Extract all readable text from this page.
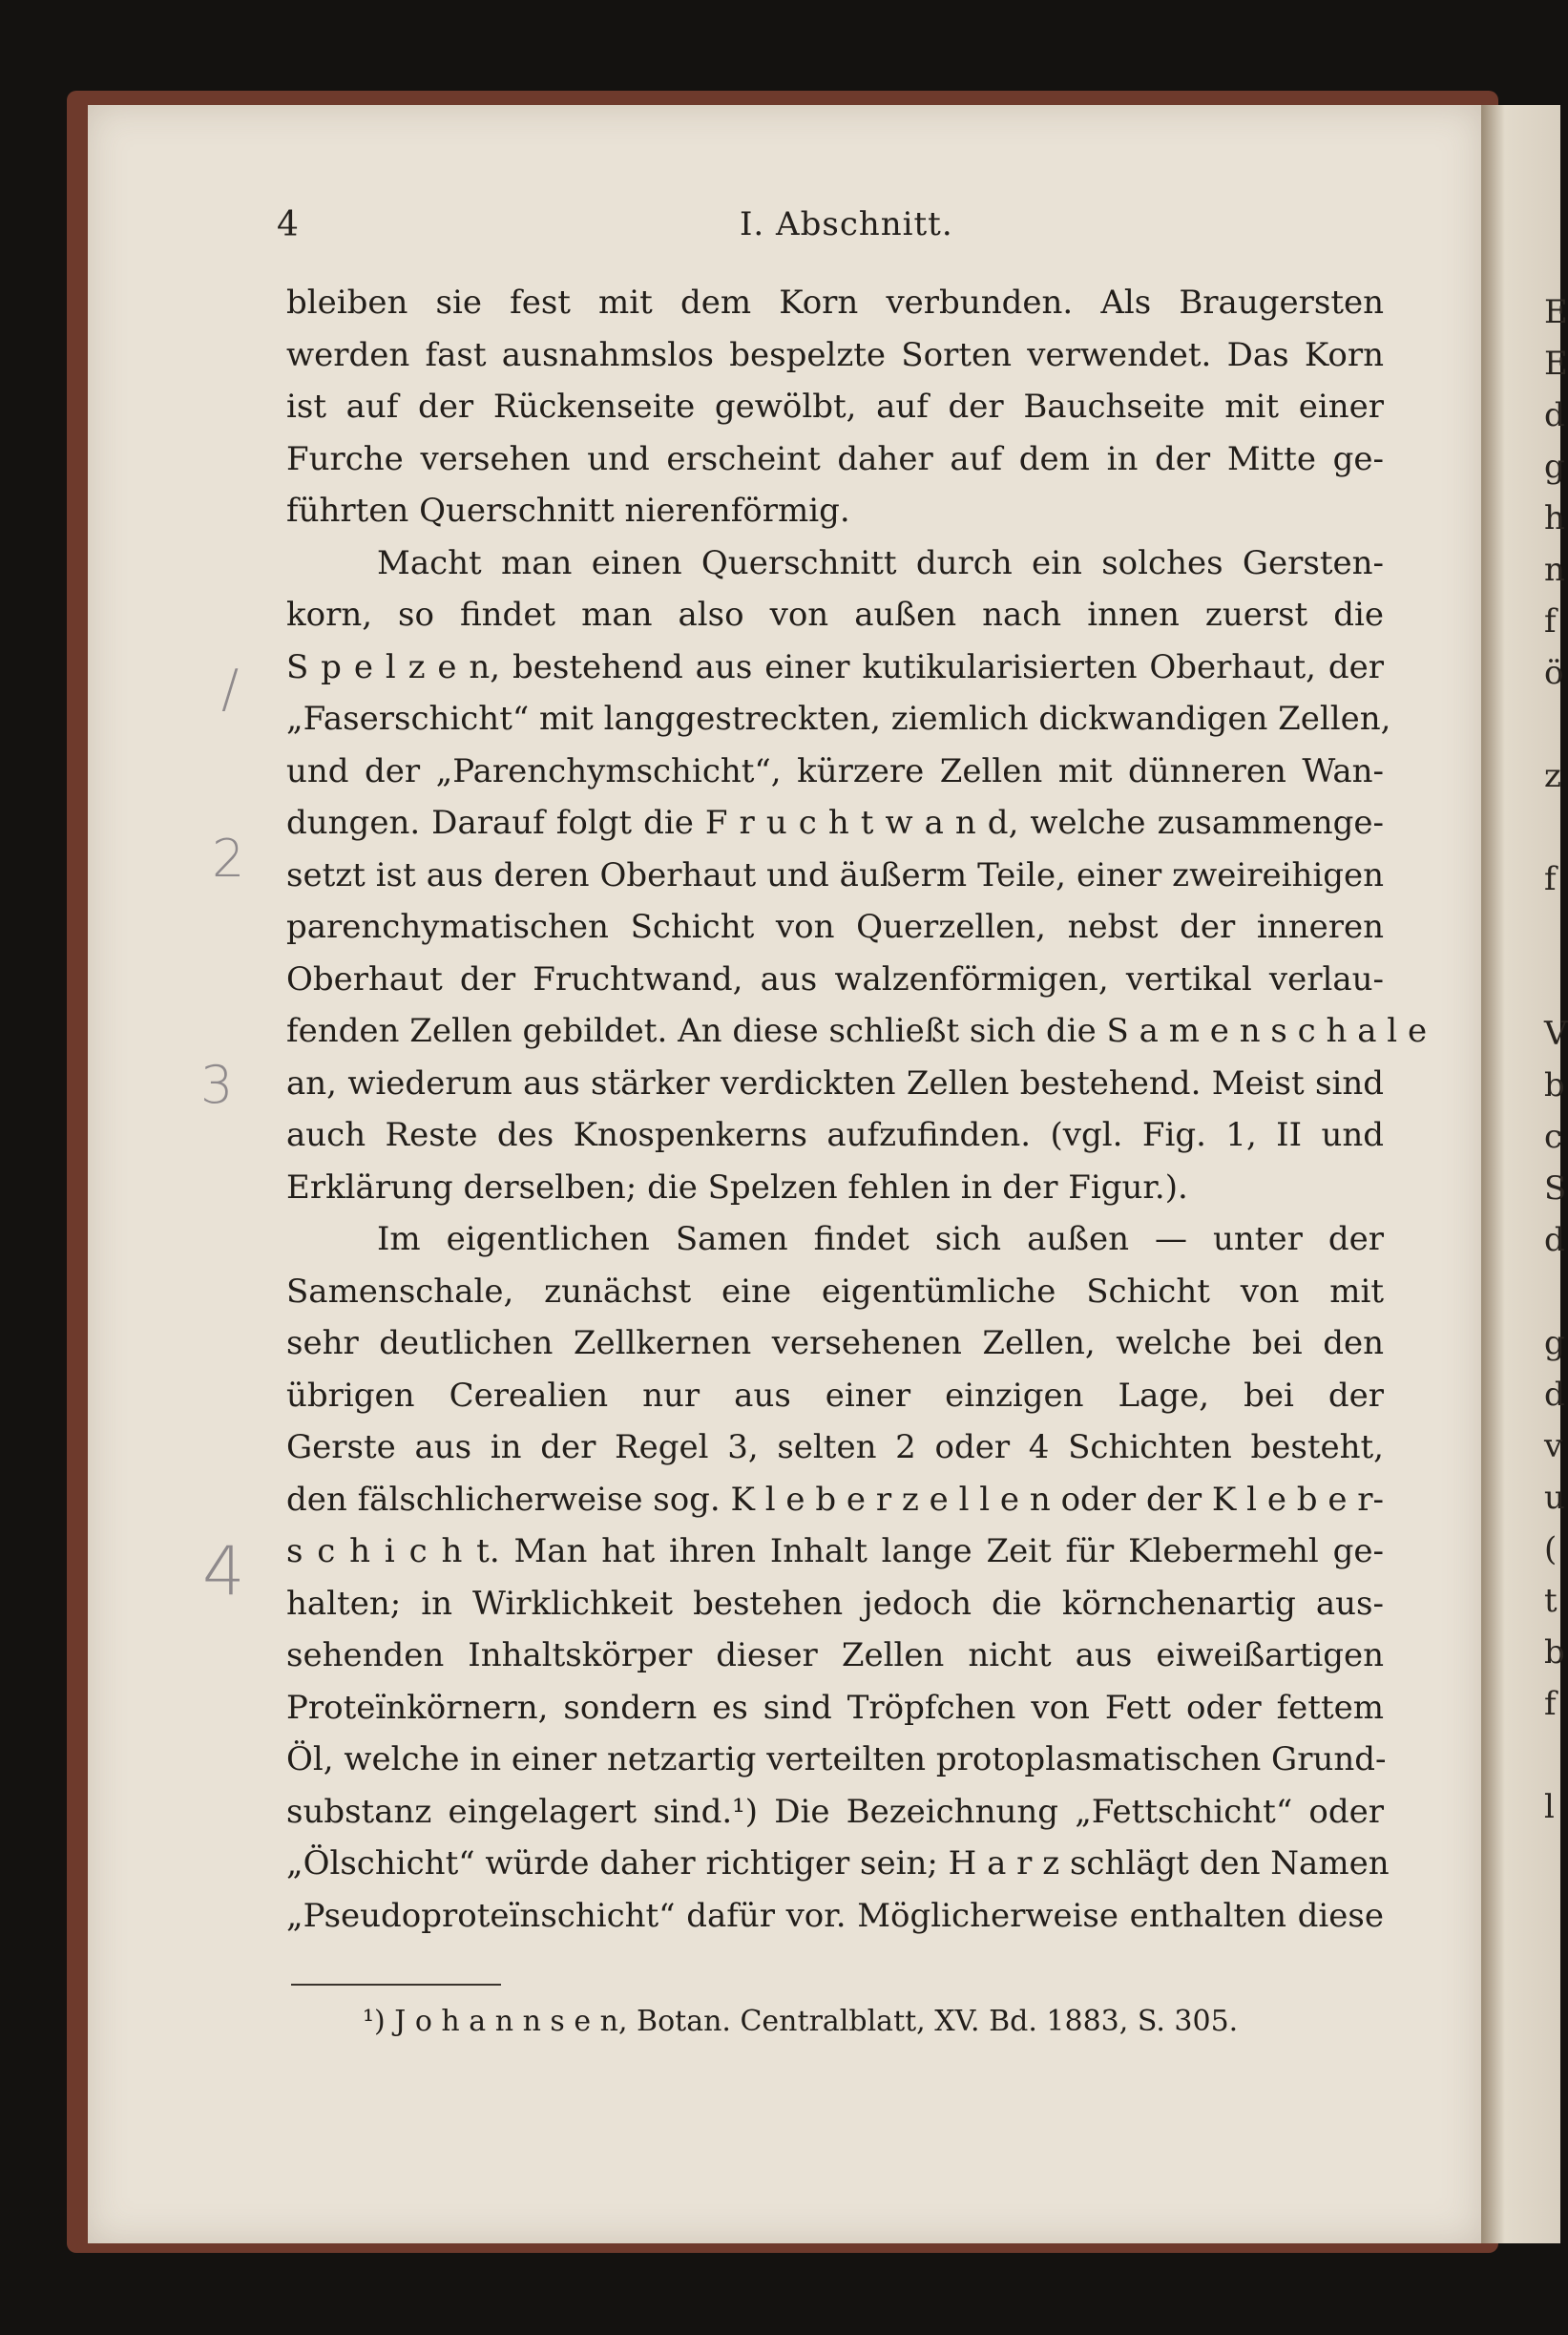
E
E
d
g
h
n
f
ö

z

f

V
b
c
S
d

g
d
v
u
(
t
b
f

l
4	I. Abschnitt.
bleiben sie fest mit dem Korn verbunden. Als Braugersten
werden fast ausnahmslos bespelzte Sorten verwendet. Das Korn
ist auf der Rückenseite gewölbt, auf der Bauchseite mit einer
Furche versehen und erscheint daher auf dem in der Mitte ge-
führten Querschnitt nierenförmig.
Macht man einen Querschnitt durch ein solches Gersten-
korn, so findet man also von außen nach innen zuerst die
S p e l z e n, bestehend aus einer kutikularisierten Oberhaut, der
„Faserschicht“ mit langgestreckten, ziemlich dickwandigen Zellen,
und der „Parenchymschicht“, kürzere Zellen mit dünneren Wan-
dungen. Darauf folgt die F r u c h t w a n d, welche zusammenge-
setzt ist aus deren Oberhaut und äußerm Teile, einer zweireihigen
parenchymatischen Schicht von Querzellen, nebst der inneren
Oberhaut der Fruchtwand, aus walzenförmigen, vertikal verlau-
fenden Zellen gebildet. An diese schließt sich die S a m e n s c h a l e
an, wiederum aus stärker verdickten Zellen bestehend. Meist sind
auch Reste des Knospenkerns aufzufinden. (vgl. Fig. 1, II und
Erklärung derselben; die Spelzen fehlen in der Figur.).
Im eigentlichen Samen findet sich außen — unter der
Samenschale, zunächst eine eigentümliche Schicht von mit
sehr deutlichen Zellkernen versehenen Zellen, welche bei den
übrigen Cerealien nur aus einer einzigen Lage, bei der
Gerste aus in der Regel 3, selten 2 oder 4 Schichten besteht,
den fälschlicherweise sog. K l e b e r z e l l e n oder der K l e b e r-
s c h i c h t. Man hat ihren Inhalt lange Zeit für Klebermehl ge-
halten; in Wirklichkeit bestehen jedoch die körnchenartig aus-
sehenden Inhaltskörper dieser Zellen nicht aus eiweißartigen
Proteïnkörnern, sondern es sind Tröpfchen von Fett oder fettem
Öl, welche in einer netzartig verteilten protoplasmatischen Grund-
substanz eingelagert sind.¹) Die Bezeichnung „Fettschicht“ oder
„Ölschicht“ würde daher richtiger sein; H a r z schlägt den Namen
„Pseudoproteïnschicht“ dafür vor. Möglicherweise enthalten diese
/
2
3
4
¹) J o h a n n s e n, Botan. Centralblatt, XV. Bd. 1883, S. 305.
